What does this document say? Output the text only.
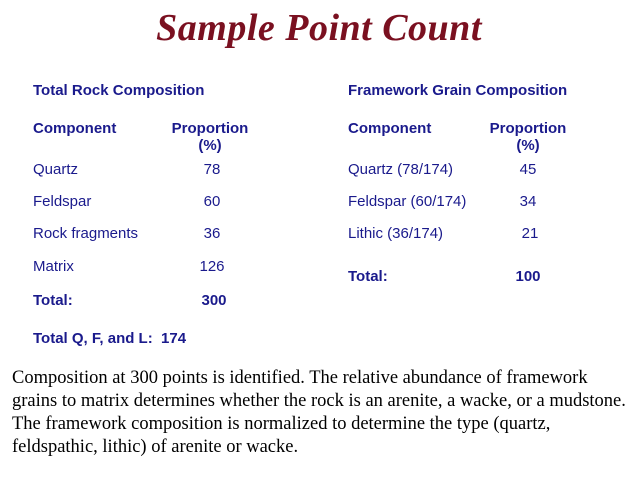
Sample Point Count
Total Rock Composition
Component	Proportion
(%)
Quartz	78
Feldspar	60
Rock fragments	36
Matrix	126
Total:	300
Total Q, F, and L:  174
Framework Grain Composition
Component	Proportion
(%)
Quartz (78/174)	45
Feldspar (60/174)	34
Lithic (36/174)	21
Total:	100
Composition at 300 points is identified. The relative abundance of framework grains to matrix determines whether the rock is an arenite, a wacke, or a mudstone. The framework composition is normalized to determine the type (quartz, feldspathic, lithic) of arenite or wacke.
